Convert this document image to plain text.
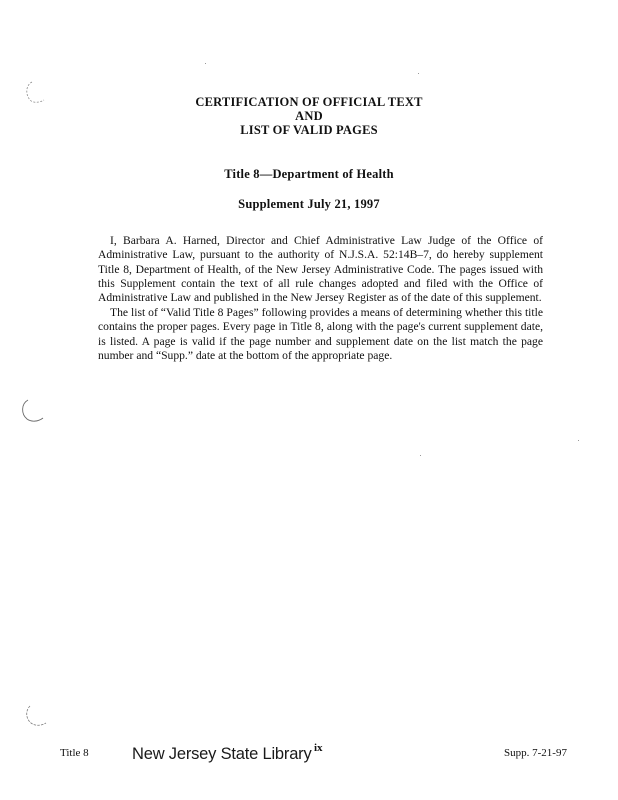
CERTIFICATION OF OFFICIAL TEXT
AND
LIST OF VALID PAGES
Title 8—Department of Health
Supplement July 21, 1997

I, Barbara A. Harned, Director and Chief Administrative Law Judge of the Office of Administrative Law, pursuant to the authority of N.J.S.A. 52:14B–7, do hereby supplement Title 8, Department of Health, of the New Jersey Administrative Code. The pages issued with this Supplement contain the text of all rule changes adopted and filed with the Office of Administrative Law and published in the New Jersey Register as of the date of this supplement.

The list of “Valid Title 8 Pages” following provides a means of determining whether this title contains the proper pages. Every page in Title 8, along with the page's current supplement date, is listed. A page is valid if the page number and supplement date on the list match the page number and “Supp.” date at the bottom of the appropriate page.

Title 8	New Jersey State Library ix	Supp. 7-21-97
